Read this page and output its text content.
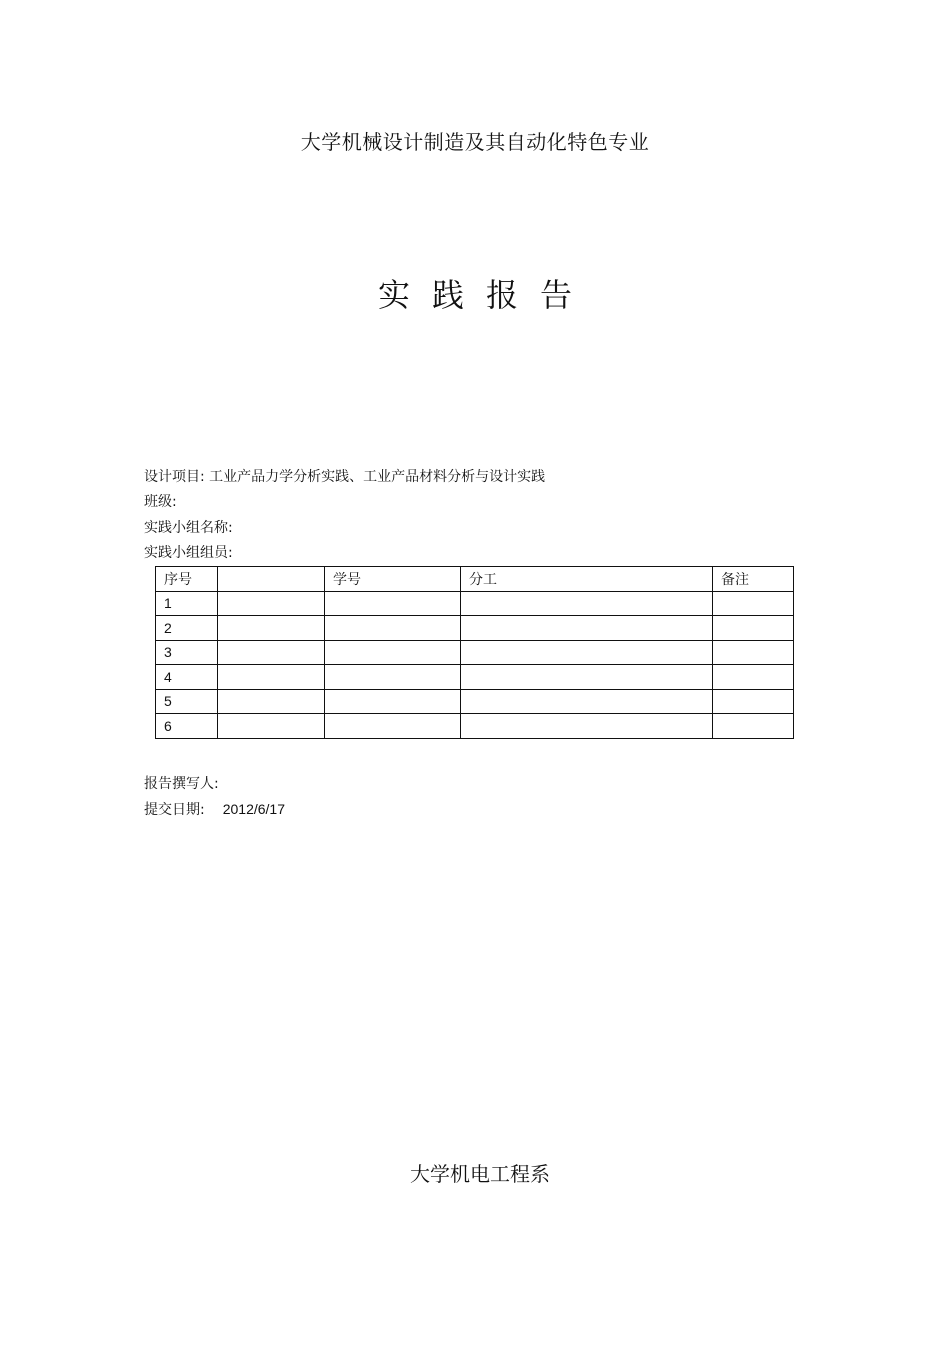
大学机械设计制造及其自动化特色专业
实践报告
设计项目: 工业产品力学分析实践、工业产品材料分析与设计实践
班级:
实践小组名称:
实践小组组员:
序号		学号	分工	备注
1				
2				
3				
4				
5				
6				
报告撰写人:
提交日期: 2012/6/17
大学机电工程系
